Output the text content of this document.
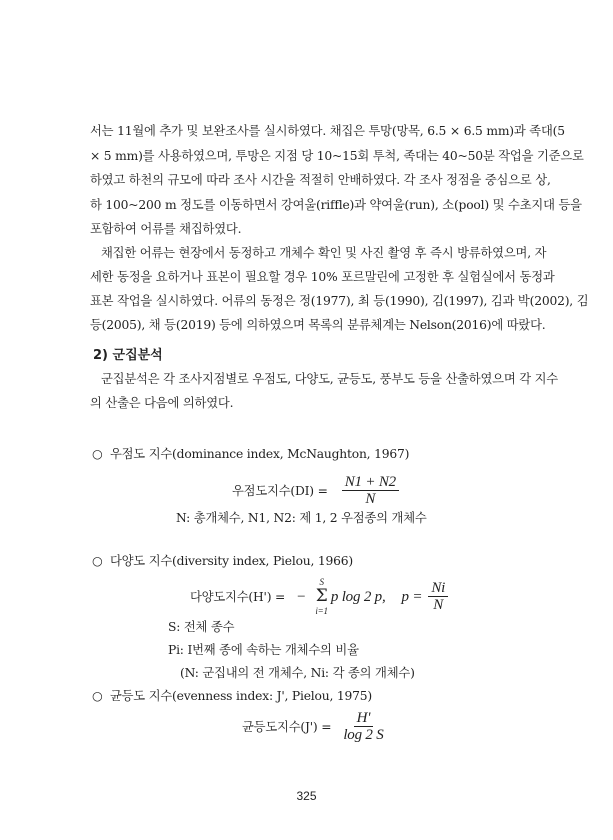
서는 11월에 추가 및 보완조사를 실시하였다. 채집은 투망(망목, 6.5 × 6.5 mm)과 족대(5
× 5 mm)를 사용하였으며, 투망은 지점 당 10~15회 투척, 족대는 40~50분 작업을 기준으로
하였고 하천의 규모에 따라 조사 시간을 적절히 안배하였다. 각 조사 정점을 중심으로 상,
하 100~200 m 정도를 이동하면서 강여울(riffle)과 약여울(run), 소(pool) 및 수초지대 등을
포함하여 어류를 채집하였다.
채집한 어류는 현장에서 동정하고 개체수 확인 및 사진 촬영 후 즉시 방류하였으며, 자
세한 동정을 요하거나 표본이 필요할 경우 10% 포르말린에 고정한 후 실험실에서 동정과
표본 작업을 실시하였다. 어류의 동정은 정(1977), 최 등(1990), 김(1997), 김과 박(2002), 김
등(2005), 채 등(2019) 등에 의하였으며 목록의 분류체계는 Nelson(2016)에 따랐다.
2) 군집분석
군집분석은 각 조사지점별로 우점도, 다양도, 균등도, 풍부도 등을 산출하였으며 각 지수
의 산출은 다음에 의하였다.
○ 우점도 지수(dominance index, McNaughton, 1967)
우점도지수$(DI) = \frac{N1 + N2}{N}$
N: 총개체수, N1, N2: 제 1, 2 우점종의 개체수
○ 다양도 지수(diversity index, Pielou, 1966)
다양도지수(H') = −
S
Σ
i=1
p log 2 p, $p = \frac{Ni}{N}$
S: 전체 종수
Pi: I번째 종에 속하는 개체수의 비율
(N: 군집내의 전 개체수, Ni: 각 종의 개체수)
○ 균등도 지수(evenness index: J', Pielou, 1975)
균등도지수$(J') = \frac{H'}{\log 2 S}$
325
